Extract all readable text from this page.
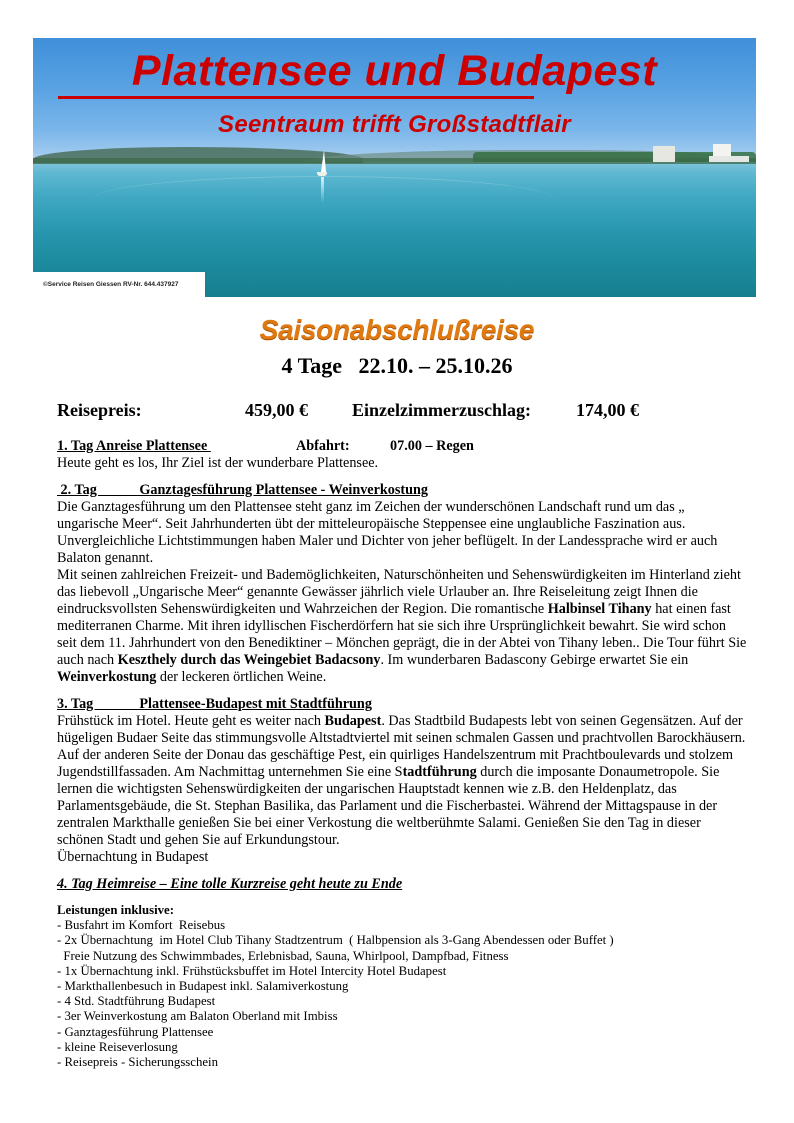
Plattensee und Budapest
Seentraum trifft Großstadtflair
©Service Reisen Giessen RV-Nr. 644.437927
Saisonabschlußreise
4 Tage   22.10. – 25.10.26
Reisepreis:	459,00 € Einzelzimmerzuschlag:	174,00 €
1. Tag Anreise Plattensee	Abfahrt:	07.00 – Regen

Heute geht es los, Ihr Ziel ist der wunderbare Plattensee.

2. Tag            Ganztagesführung Plattensee - Weinverkostung

Die Ganztagesführung um den Plattensee steht ganz im Zeichen der wunderschönen Landschaft rund um das „ ungarische Meer“. Seit Jahrhunderten übt der mitteleuropäische Steppensee eine unglaubliche Faszination aus. Unvergleichliche Lichtstimmungen haben Maler und Dichter von jeher beflügelt. In der Landessprache wird er auch Balaton genannt.

Mit seinen zahlreichen Freizeit- und Bademöglichkeiten, Naturschönheiten und Sehenswürdigkeiten im Hinterland zieht das liebevoll „Ungarische Meer“ genannte Gewässer jährlich viele Urlauber an. Ihre Reiseleitung zeigt Ihnen die eindrucksvollsten Sehenswürdigkeiten und Wahrzeichen der Region. Die romantische Halbinsel Tihany hat einen fast mediterranen Charme. Mit ihren idyllischen Fischerdörfern hat sie sich ihre Ursprünglichkeit bewahrt. Sie wird schon seit dem 11. Jahrhundert von den Benediktiner – Mönchen geprägt, die in der Abtei von Tihany leben.. Die Tour führt Sie auch nach Keszthely durch das Weingebiet Badacsony. Im wunderbaren Badascony Gebirge erwartet Sie ein Weinverkostung der leckeren örtlichen Weine.

3. Tag             Plattensee-Budapest mit Stadtführung

Frühstück im Hotel. Heute geht es weiter nach Budapest. Das Stadtbild Budapests lebt von seinen Gegensätzen. Auf der hügeligen Budaer Seite das stimmungsvolle Altstadtviertel mit seinen schmalen Gassen und prachtvollen Barockhäusern. Auf der anderen Seite der Donau das geschäftige Pest, ein quirliges Handelszentrum mit Prachtboulevards und stolzem Jugendstillfassaden. Am Nachmittag unternehmen Sie eine Stadtführung durch die imposante Donaumetropole. Sie lernen die wichtigsten Sehenswürdigkeiten der ungarischen Hauptstadt kennen wie z.B. den Heldenplatz, das Parlamentsgebäude, die St. Stephan Basilika, das Parlament und die Fischerbastei. Während der Mittagspause in der zentralen Markthalle genießen Sie bei einer Verkostung die weltberühmte Salami. Genießen Sie den Tag in dieser schönen Stadt und gehen Sie auf Erkundungstour.

Übernachtung in Budapest

4. Tag Heimreise – Eine tolle Kurzreise geht heute zu Ende
Leistungen inklusive:
- Busfahrt im Komfort  Reisebus
- 2x Übernachtung  im Hotel Club Tihany Stadtzentrum  ( Halbpension als 3-Gang Abendessen oder Buffet )
Freie Nutzung des Schwimmbades, Erlebnisbad, Sauna, Whirlpool, Dampfbad, Fitness
- 1x Übernachtung inkl. Frühstücksbuffet im Hotel Intercity Hotel Budapest
- Markthallenbesuch in Budapest inkl. Salamiverkostung
- 4 Std. Stadtführung Budapest
- 3er Weinverkostung am Balaton Oberland mit Imbiss
- Ganztagesführung Plattensee
- kleine Reiseverlosung
- Reisepreis - Sicherungsschein
